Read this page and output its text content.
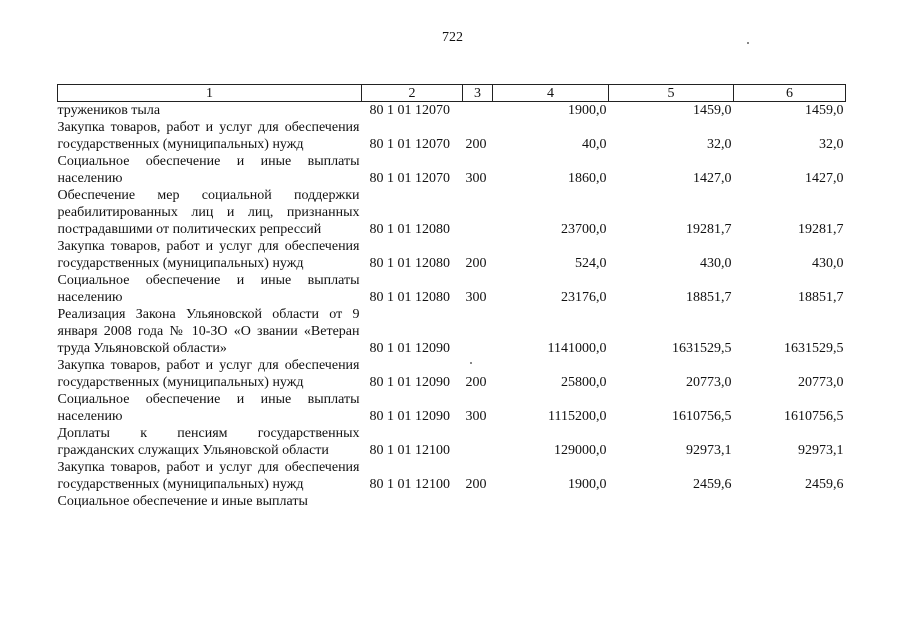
722
1	2	3	4	5	6
тружеников тыла	80 1 01 12070		1900,0	1459,0	1459,0
Закупка товаров, работ и услуг для обеспечения государственных (муниципальных) нужд	80 1 01 12070	200	40,0	32,0	32,0
Социальное обеспечение и иные выплаты населению	80 1 01 12070	300	1860,0	1427,0	1427,0
Обеспечение мер социальной поддержки реабилитированных лиц и лиц, признанных пострадавшими от политических репрессий	80 1 01 12080		23700,0	19281,7	19281,7
Закупка товаров, работ и услуг для обеспечения государственных (муниципальных) нужд	80 1 01 12080	200	524,0	430,0	430,0
Социальное обеспечение и иные выплаты населению	80 1 01 12080	300	23176,0	18851,7	18851,7
Реализация Закона Ульяновской области от 9 января 2008 года № 10-ЗО «О звании «Ветеран труда Ульяновской области»	80 1 01 12090		1141000,0	1631529,5	1631529,5
Закупка товаров, работ и услуг для обеспечения государственных (муниципальных) нужд	80 1 01 12090	200	25800,0	20773,0	20773,0
Социальное обеспечение и иные выплаты населению	80 1 01 12090	300	1115200,0	1610756,5	1610756,5
Доплаты к пенсиям государственных гражданских служащих Ульяновской области	80 1 01 12100		129000,0	92973,1	92973,1
Закупка товаров, работ и услуг для обеспечения государственных (муниципальных) нужд	80 1 01 12100	200	1900,0	2459,6	2459,6
Социальное обеспечение и иные выплаты					
